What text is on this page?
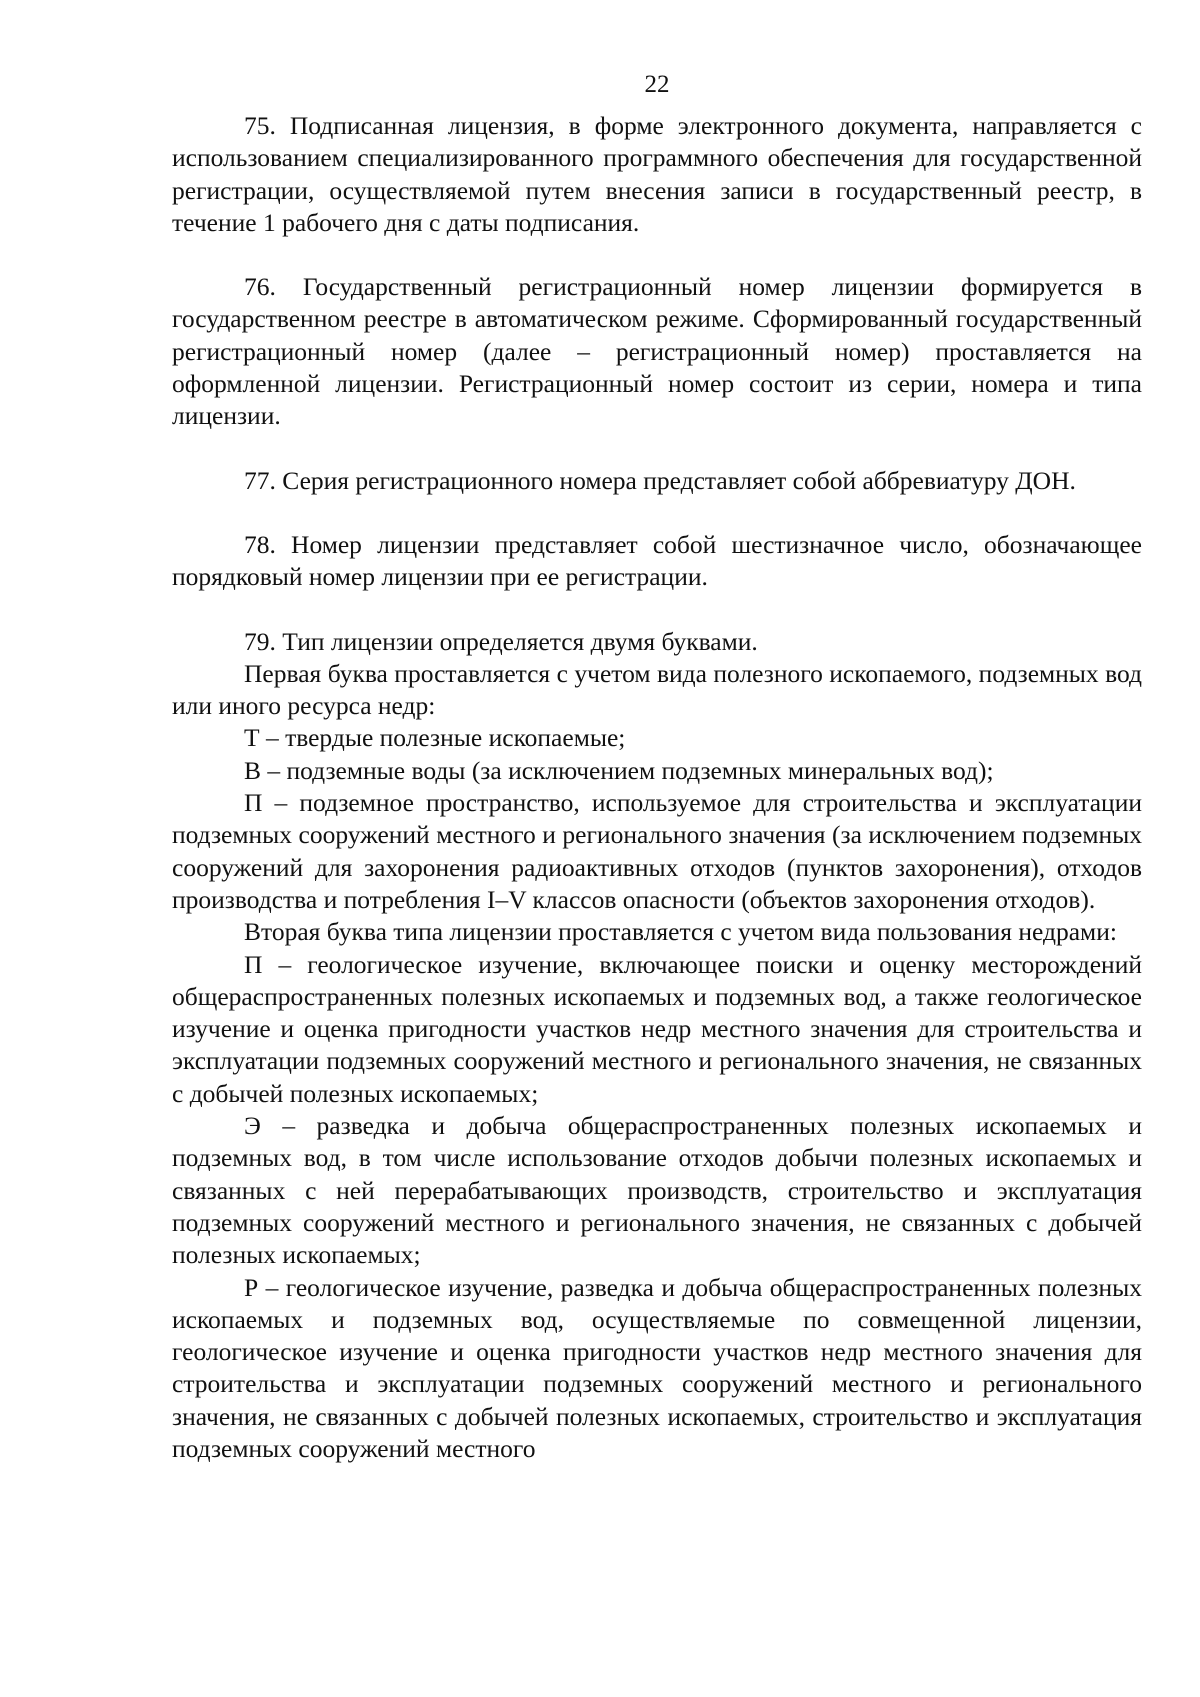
22

75. Подписанная лицензия, в форме электронного документа, направляется с использованием специализированного программного обеспечения для государственной регистрации, осуществляемой путем внесения записи в государственный реестр, в течение 1 рабочего дня с даты подписания.

76. Государственный регистрационный номер лицензии формируется в государственном реестре в автоматическом режиме. Сформированный государственный регистрационный номер (далее – регистрационный номер) проставляется на оформленной лицензии. Регистрационный номер состоит из серии, номера и типа лицензии.

77. Серия регистрационного номера представляет собой аббревиатуру ДОН.

78. Номер лицензии представляет собой шестизначное число, обозначающее порядковый номер лицензии при ее регистрации.

79. Тип лицензии определяется двумя буквами.

Первая буква проставляется с учетом вида полезного ископаемого, подземных вод или иного ресурса недр:

Т – твердые полезные ископаемые;

В – подземные воды (за исключением подземных минеральных вод);

П – подземное пространство, используемое для строительства и эксплуатации подземных сооружений местного и регионального значения (за исключением подземных сооружений для захоронения радиоактивных отходов (пунктов захоронения), отходов производства и потребления I–V классов опасности (объектов захоронения отходов).

Вторая буква типа лицензии проставляется с учетом вида пользования недрами:

П – геологическое изучение, включающее поиски и оценку месторождений общераспространенных полезных ископаемых и подземных вод, а также геологическое изучение и оценка пригодности участков недр местного значения для строительства и эксплуатации подземных сооружений местного и регионального значения, не связанных с добычей полезных ископаемых;

Э – разведка и добыча общераспространенных полезных ископаемых и подземных вод, в том числе использование отходов добычи полезных ископаемых и связанных с ней перерабатывающих производств, строительство и эксплуатация подземных сооружений местного и регионального значения, не связанных с добычей полезных ископаемых;

Р – геологическое изучение, разведка и добыча общераспространенных полезных ископаемых и подземных вод, осуществляемые по совмещенной лицензии, геологическое изучение и оценка пригодности участков недр местного значения для строительства и эксплуатации подземных сооружений местного и регионального значения, не связанных с добычей полезных ископаемых, строительство и эксплуатация подземных сооружений местного
